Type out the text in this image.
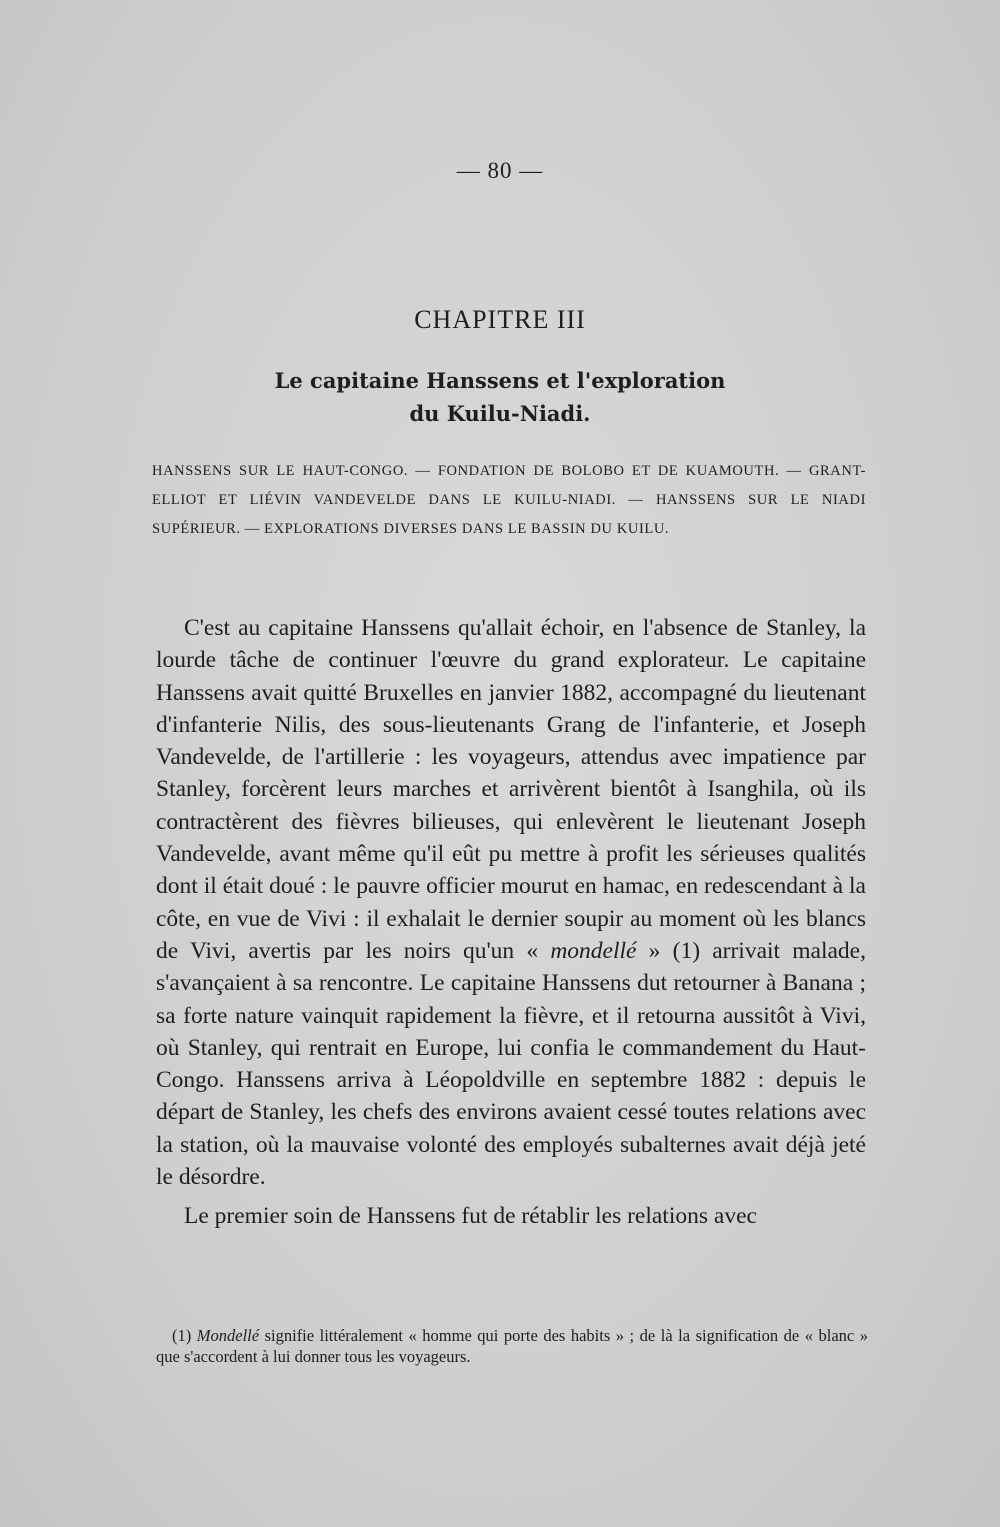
— 80 —
CHAPITRE III
Le capitaine Hanssens et l'exploration
du Kuilu-Niadi.
HANSSENS SUR LE HAUT-CONGO. — FONDATION DE BOLOBO ET DE KUAMOUTH. — GRANT-ELLIOT ET LIÉVIN VANDEVELDE DANS LE KUILU-NIADI. — HANSSENS SUR LE NIADI SUPÉRIEUR. — EXPLORATIONS DIVERSES DANS LE BASSIN DU KUILU.

C'est au capitaine Hanssens qu'allait échoir, en l'absence de Stanley, la lourde tâche de continuer l'œuvre du grand explorateur. Le capitaine Hanssens avait quitté Bruxelles en janvier 1882, accompagné du lieutenant d'infanterie Nilis, des sous-lieutenants Grang de l'infanterie, et Joseph Vandevelde, de l'artillerie : les voyageurs, attendus avec impatience par Stanley, forcèrent leurs marches et arrivèrent bientôt à Isanghila, où ils contractèrent des fièvres bilieuses, qui enlevèrent le lieutenant Joseph Vandevelde, avant même qu'il eût pu mettre à profit les sérieuses qualités dont il était doué : le pauvre officier mourut en hamac, en redescendant à la côte, en vue de Vivi : il exhalait le dernier soupir au moment où les blancs de Vivi, avertis par les noirs qu'un « mondellé » (1) arrivait malade, s'avançaient à sa rencontre. Le capitaine Hanssens dut retourner à Banana ; sa forte nature vainquit rapidement la fièvre, et il retourna aussitôt à Vivi, où Stanley, qui rentrait en Europe, lui confia le commandement du Haut-Congo. Hanssens arriva à Léopoldville en septembre 1882 : depuis le départ de Stanley, les chefs des environs avaient cessé toutes relations avec la station, où la mauvaise volonté des employés subalternes avait déjà jeté le désordre.

Le premier soin de Hanssens fut de rétablir les relations avec

(1) Mondellé signifie littéralement « homme qui porte des habits » ; de là la signification de « blanc » que s'accordent à lui donner tous les voyageurs.
